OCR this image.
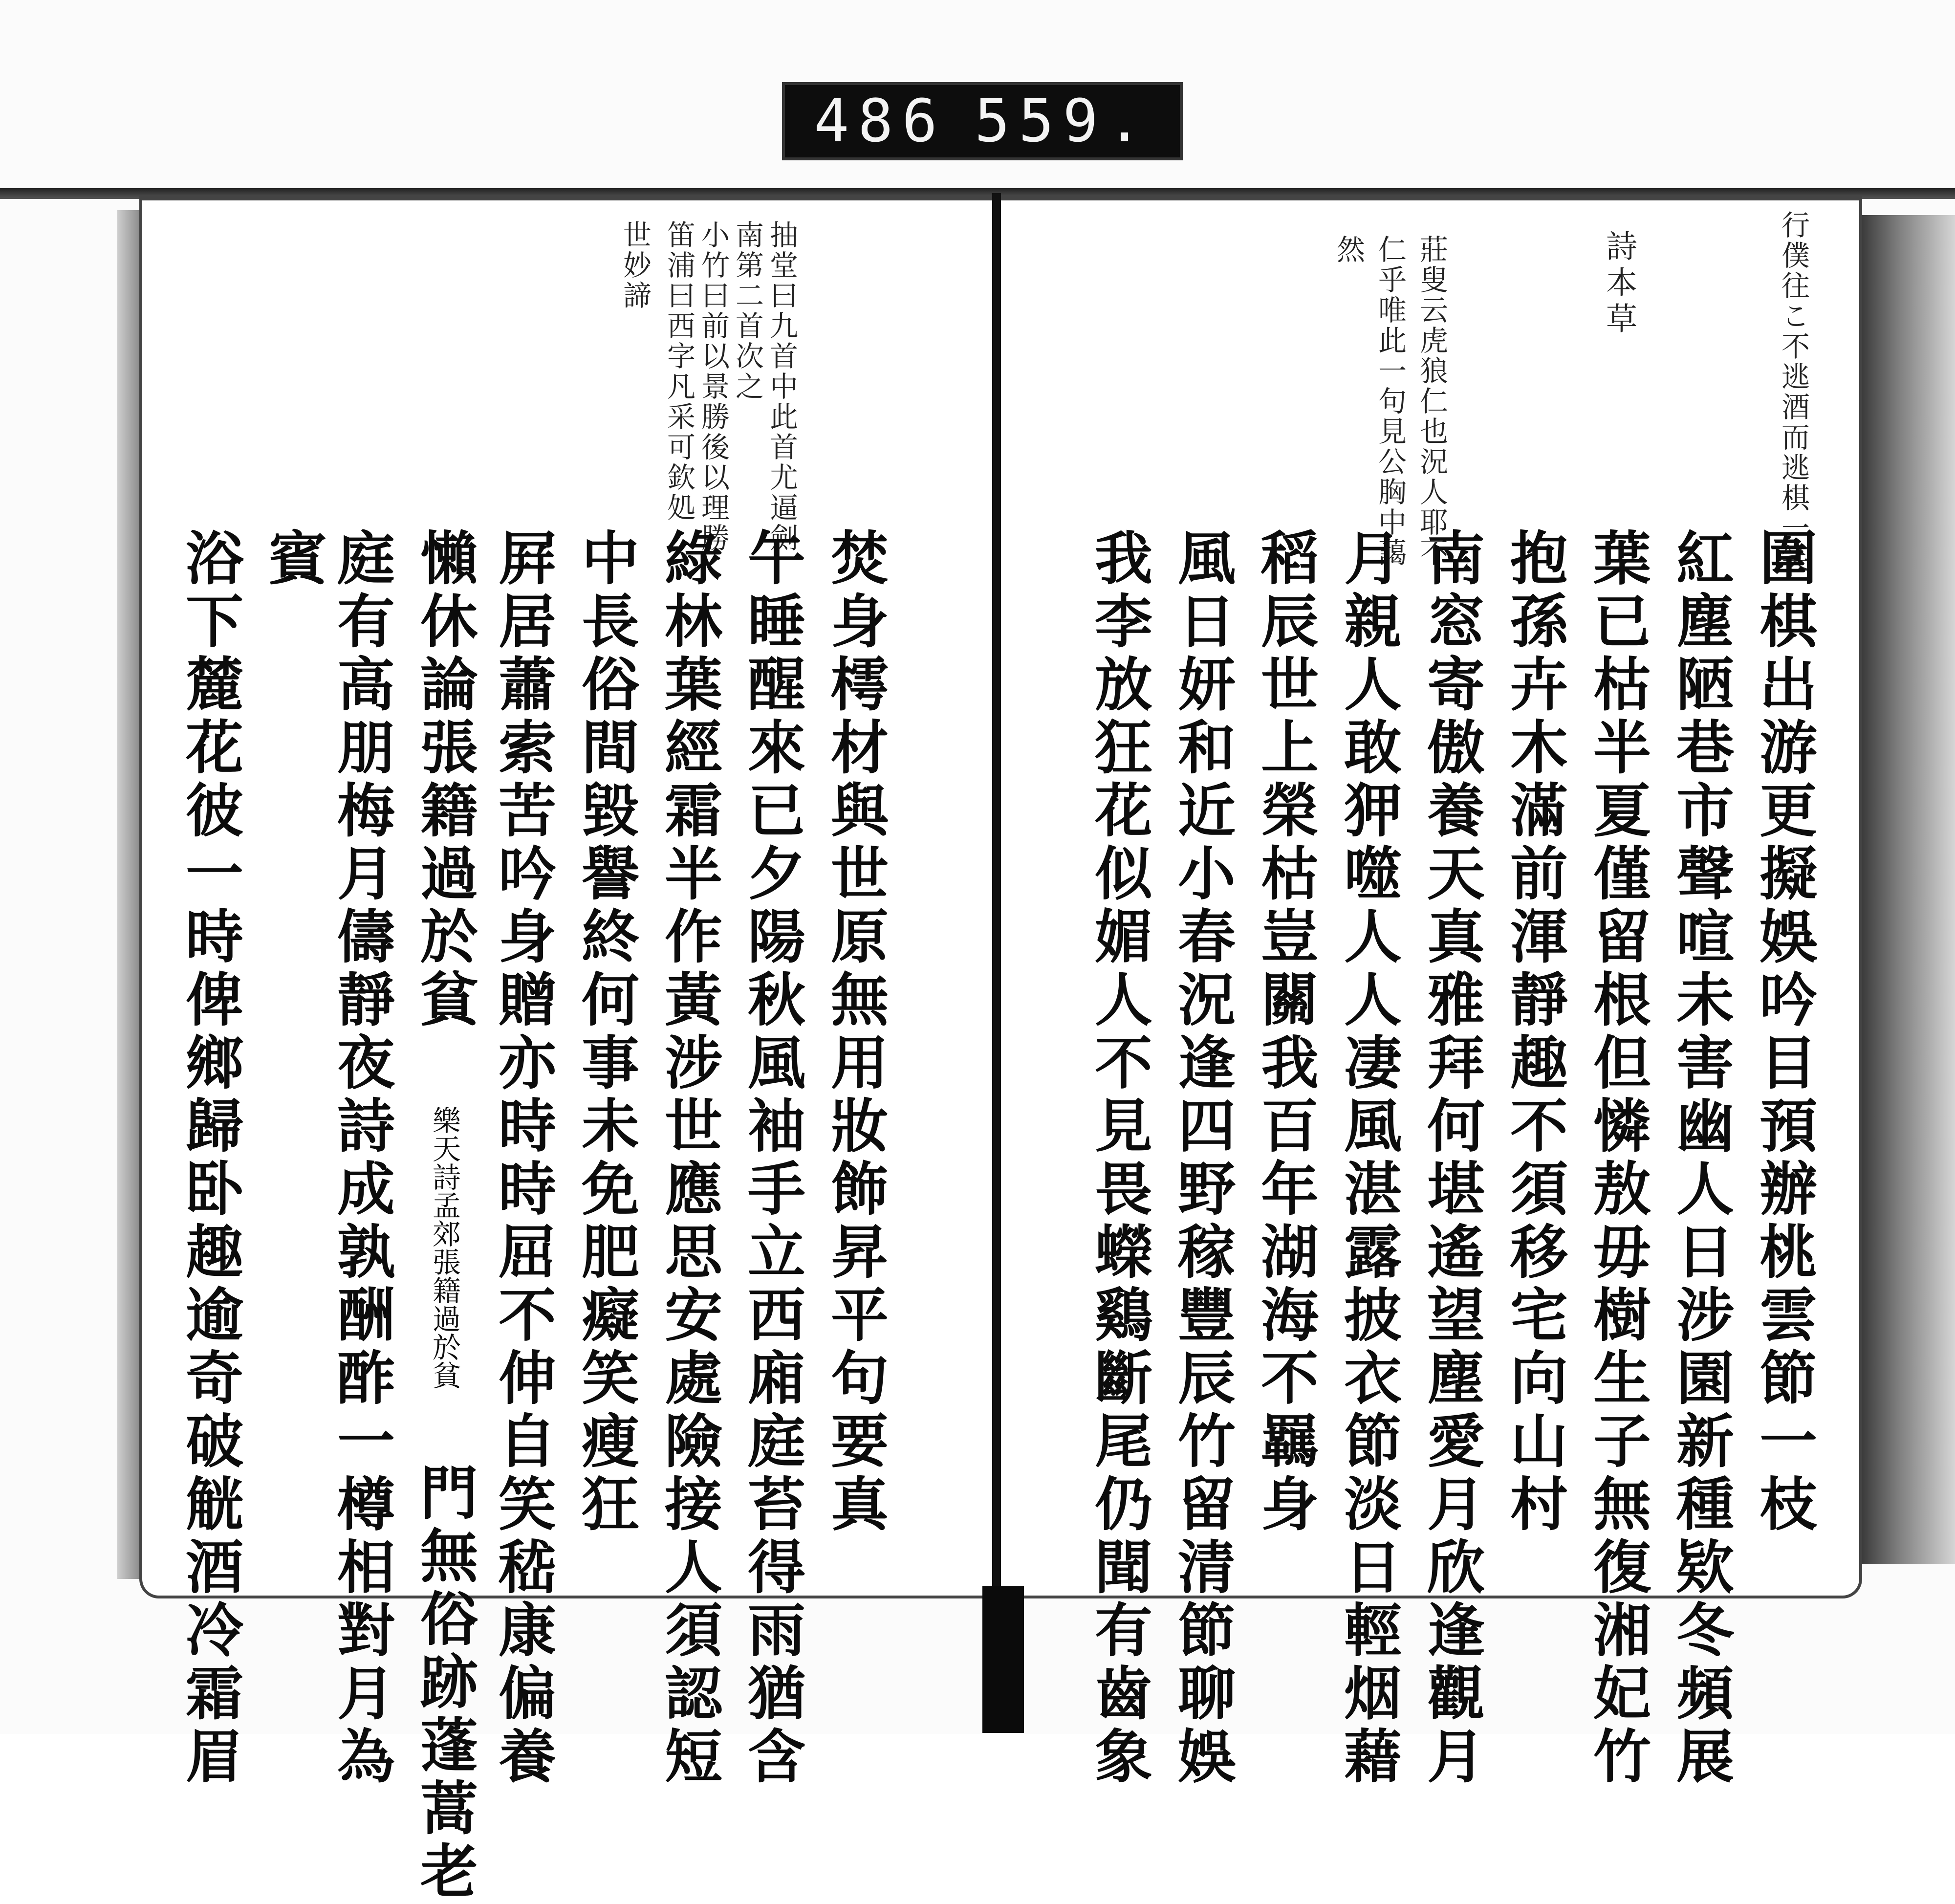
486 559.
行僕往こ不逃酒而逃棋一笑
詩本草
莊叟云虎狼仁也況人耶不
仁乎唯此一句見公胸中藹
然
圍棋出游更擬娛吟目預辦桃雲節一枝
紅塵陋巷市聲喧未害幽人日涉園新種欵冬頻展
葉已枯半夏僅留根但憐敖毋樹生子無復湘妃竹
抱孫卉木滿前渾靜趣不須移宅向山村
南窓寄傲養天真雅拜何堪遙望塵愛月欣逢觀月
月親人敢狎噬人人凄風湛露披衣節淡日輕烟藉
稻辰世上榮枯豈關我百年湖海不羈身
風日妍和近小春況逢四野稼豐辰竹留清節聊娛
我李放狂花似媚人不見畏蠑鷄斷尾仍聞有齒象
抽堂曰九首中此首尤逼劍
南第二首次之
小竹曰前以景勝後以理勝
笛浦曰西字凡采可欽処
世妙諦
焚身樗材與世原無用妝飾昇平句要真
午睡醒來已夕陽秋風袖手立西廂庭苔得雨猶含
綠林葉經霜半作黃涉世應思安處險接人須認短
中長俗間毀譽終何事未免肥癡笑瘦狂
屛居蕭索苦吟身贈亦時時屈不伸自笑嵇康偏養
懶休論張籍過於貧 樂天詩孟郊張籍過於貧 門無俗跡蓬蒿老
庭有高朋梅月儔靜夜詩成孰酬酢一樽相對月為
賓
浴下麓花彼一時俾鄉歸卧趣逾奇破觥酒冷霜眉
